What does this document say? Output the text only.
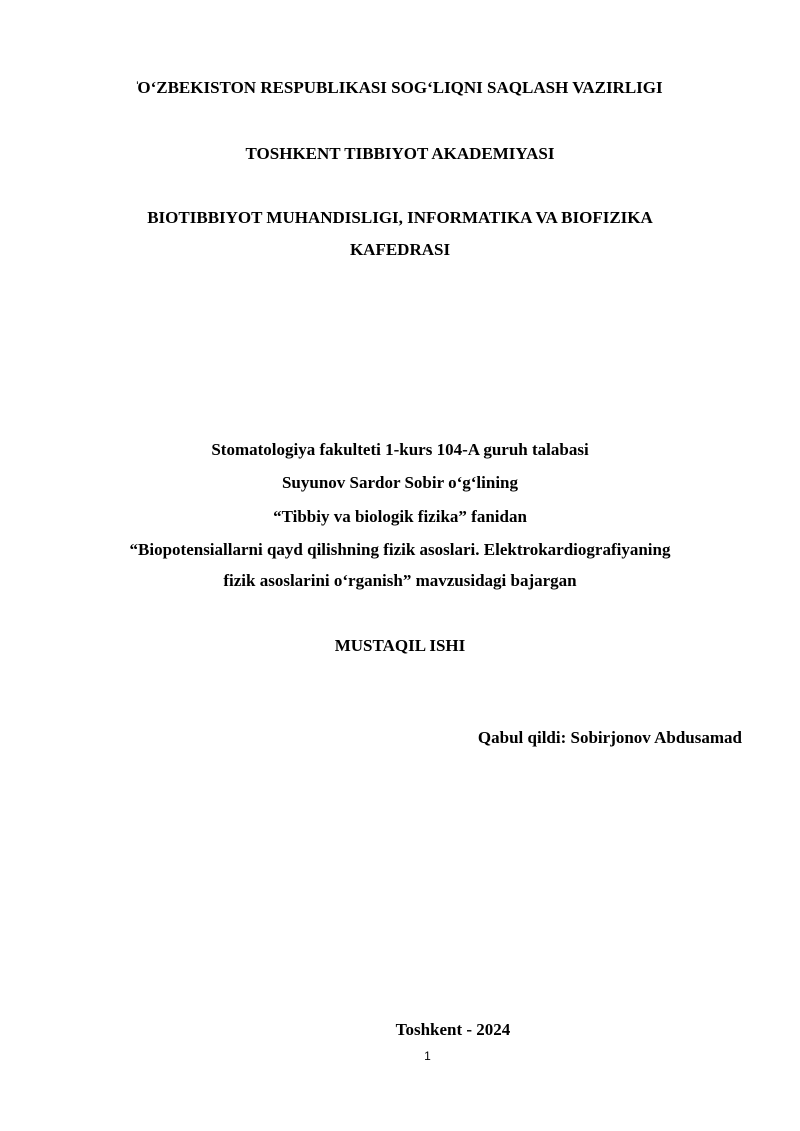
̍O‘ZBEKISTON RESPUBLIKASI SOG‘LIQNI SAQLASH VAZIRLIGI
TOSHKENT TIBBIYOT AKADEMIYASI
BIOTIBBIYOT MUHANDISLIGI, INFORMATIKA VA BIOFIZIKA
KAFEDRASI
Stomatologiya fakulteti 1-kurs 104-A guruh talabasi
Suyunov Sardor Sobir o‘g‘lining
“Tibbiy va biologik fizika” fanidan
“Biopotensiallarni qayd qilishning fizik asoslari. Elektrokardiografiyaning
fizik asoslarini o‘rganish” mavzusidagi bajargan
MUSTAQIL ISHI
Qabul qildi: Sobirjonov Abdusamad
Toshkent - 2024
1
